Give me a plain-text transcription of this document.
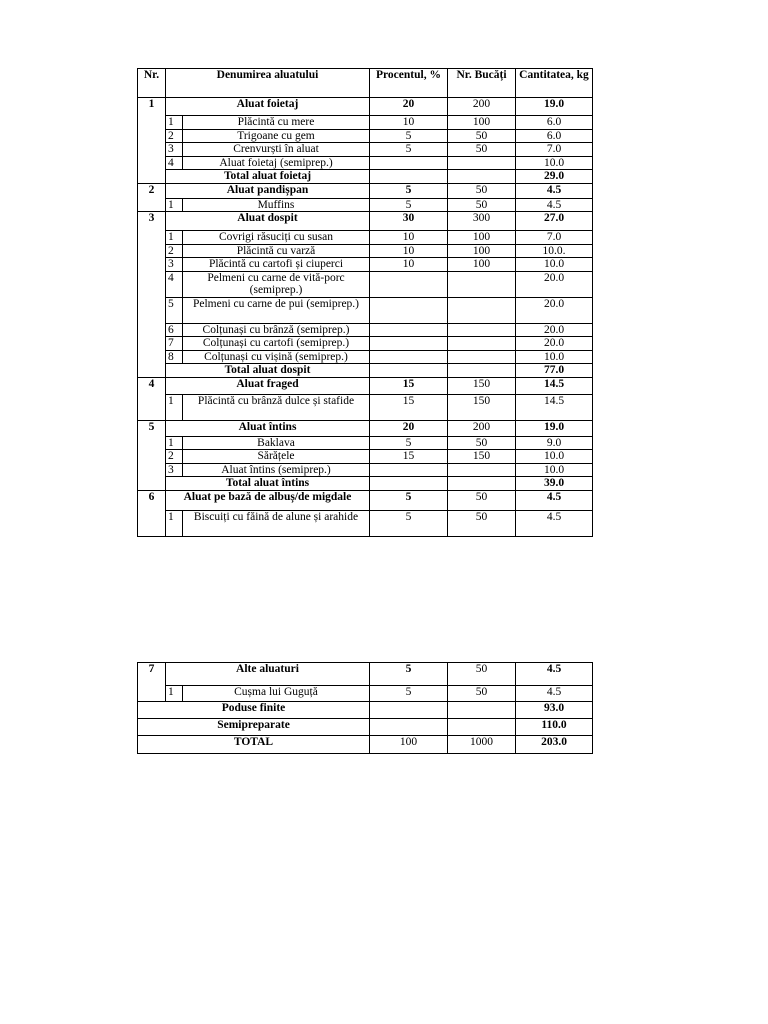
Nr.	Denumirea aluatului		Procentul, %	Nr. Bucăți	Cantitatea, kg
1	Aluat foietaj		20	200	19.0
	1	Plăcintă cu mere	10	100	6.0
	2	Trigoane cu gem	5	50	6.0
	3	Crenvurști în aluat	5	50	7.0
	4	Aluat foietaj (semiprep.)			10.0
	Total aluat foietaj				29.0
2	Aluat pandișpan		5	50	4.5
	1	Muffins	5	50	4.5
3	Aluat dospit		30	300	27.0
	1	Covrigi răsuciți cu susan	10	100	7.0
	2	Plăcintă cu varză	10	100	10.0.
	3	Plăcintă cu cartofi și ciuperci	10	100	10.0
	4	Pelmeni cu carne de vită-porc (semiprep.)			20.0
	5	Pelmeni cu carne de pui (semiprep.)			20.0
	6	Colțunași cu brânză (semiprep.)			20.0
	7	Colțunași cu cartofi (semiprep.)			20.0
	8	Colțunași cu vișină (semiprep.)			10.0
	Total aluat dospit				77.0
4	Aluat fraged		15	150	14.5
	1	Plăcintă cu brânză dulce și stafide	15	150	14.5
5	Aluat întins		20	200	19.0
	1	Baklava	5	50	9.0
	2	Sărățele	15	150	10.0
	3	Aluat întins (semiprep.)			10.0
	Total aluat întins				39.0
6	Aluat pe bază de albuș/de migdale		5	50	4.5
	1	Biscuiți cu făină de alune și arahide	5	50	4.5
7	Alte aluaturi		5	50	4.5
	1	Cușma lui Guguță	5	50	4.5
Poduse finite					93.0
Semipreparate					110.0
TOTAL			100	1000	203.0
